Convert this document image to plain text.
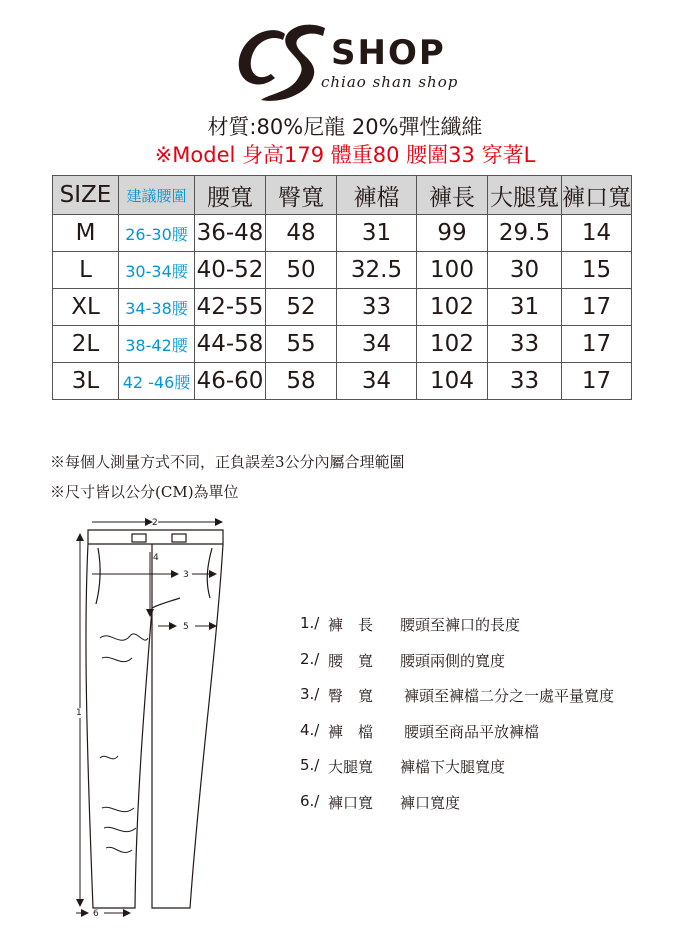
SHOP
chiao shan shop
材質:80%尼龍 20%彈性纖維
※Model 身高179 體重80 腰圍33 穿著L
SIZE	建議腰圍	腰寬	臀寬	褲檔	褲長	大腿寬	褲口寬
M	26-30腰	36-48	48	31	99	29.5	14
L	30-34腰	40-52	50	32.5	100	30	15
XL	34-38腰	42-55	52	33	102	31	17
2L	38-42腰	44-58	55	34	102	33	17
3L	42 -46腰	46-60	58	34	104	33	17
※每個人測量方式不同，正負誤差3公分內屬合理範圍
※尺寸皆以公分(CM)為單位
2
3
4
5
1
6
1./ 褲　長 腰頭至褲口的長度
2./ 腰　寬 腰頭兩側的寬度
3./ 臀　寬 褲頭至褲檔二分之一處平量寬度
4./ 褲　檔 腰頭至商品平放褲檔
5./ 大腿寬 褲檔下大腿寬度
6./ 褲口寬 褲口寬度
